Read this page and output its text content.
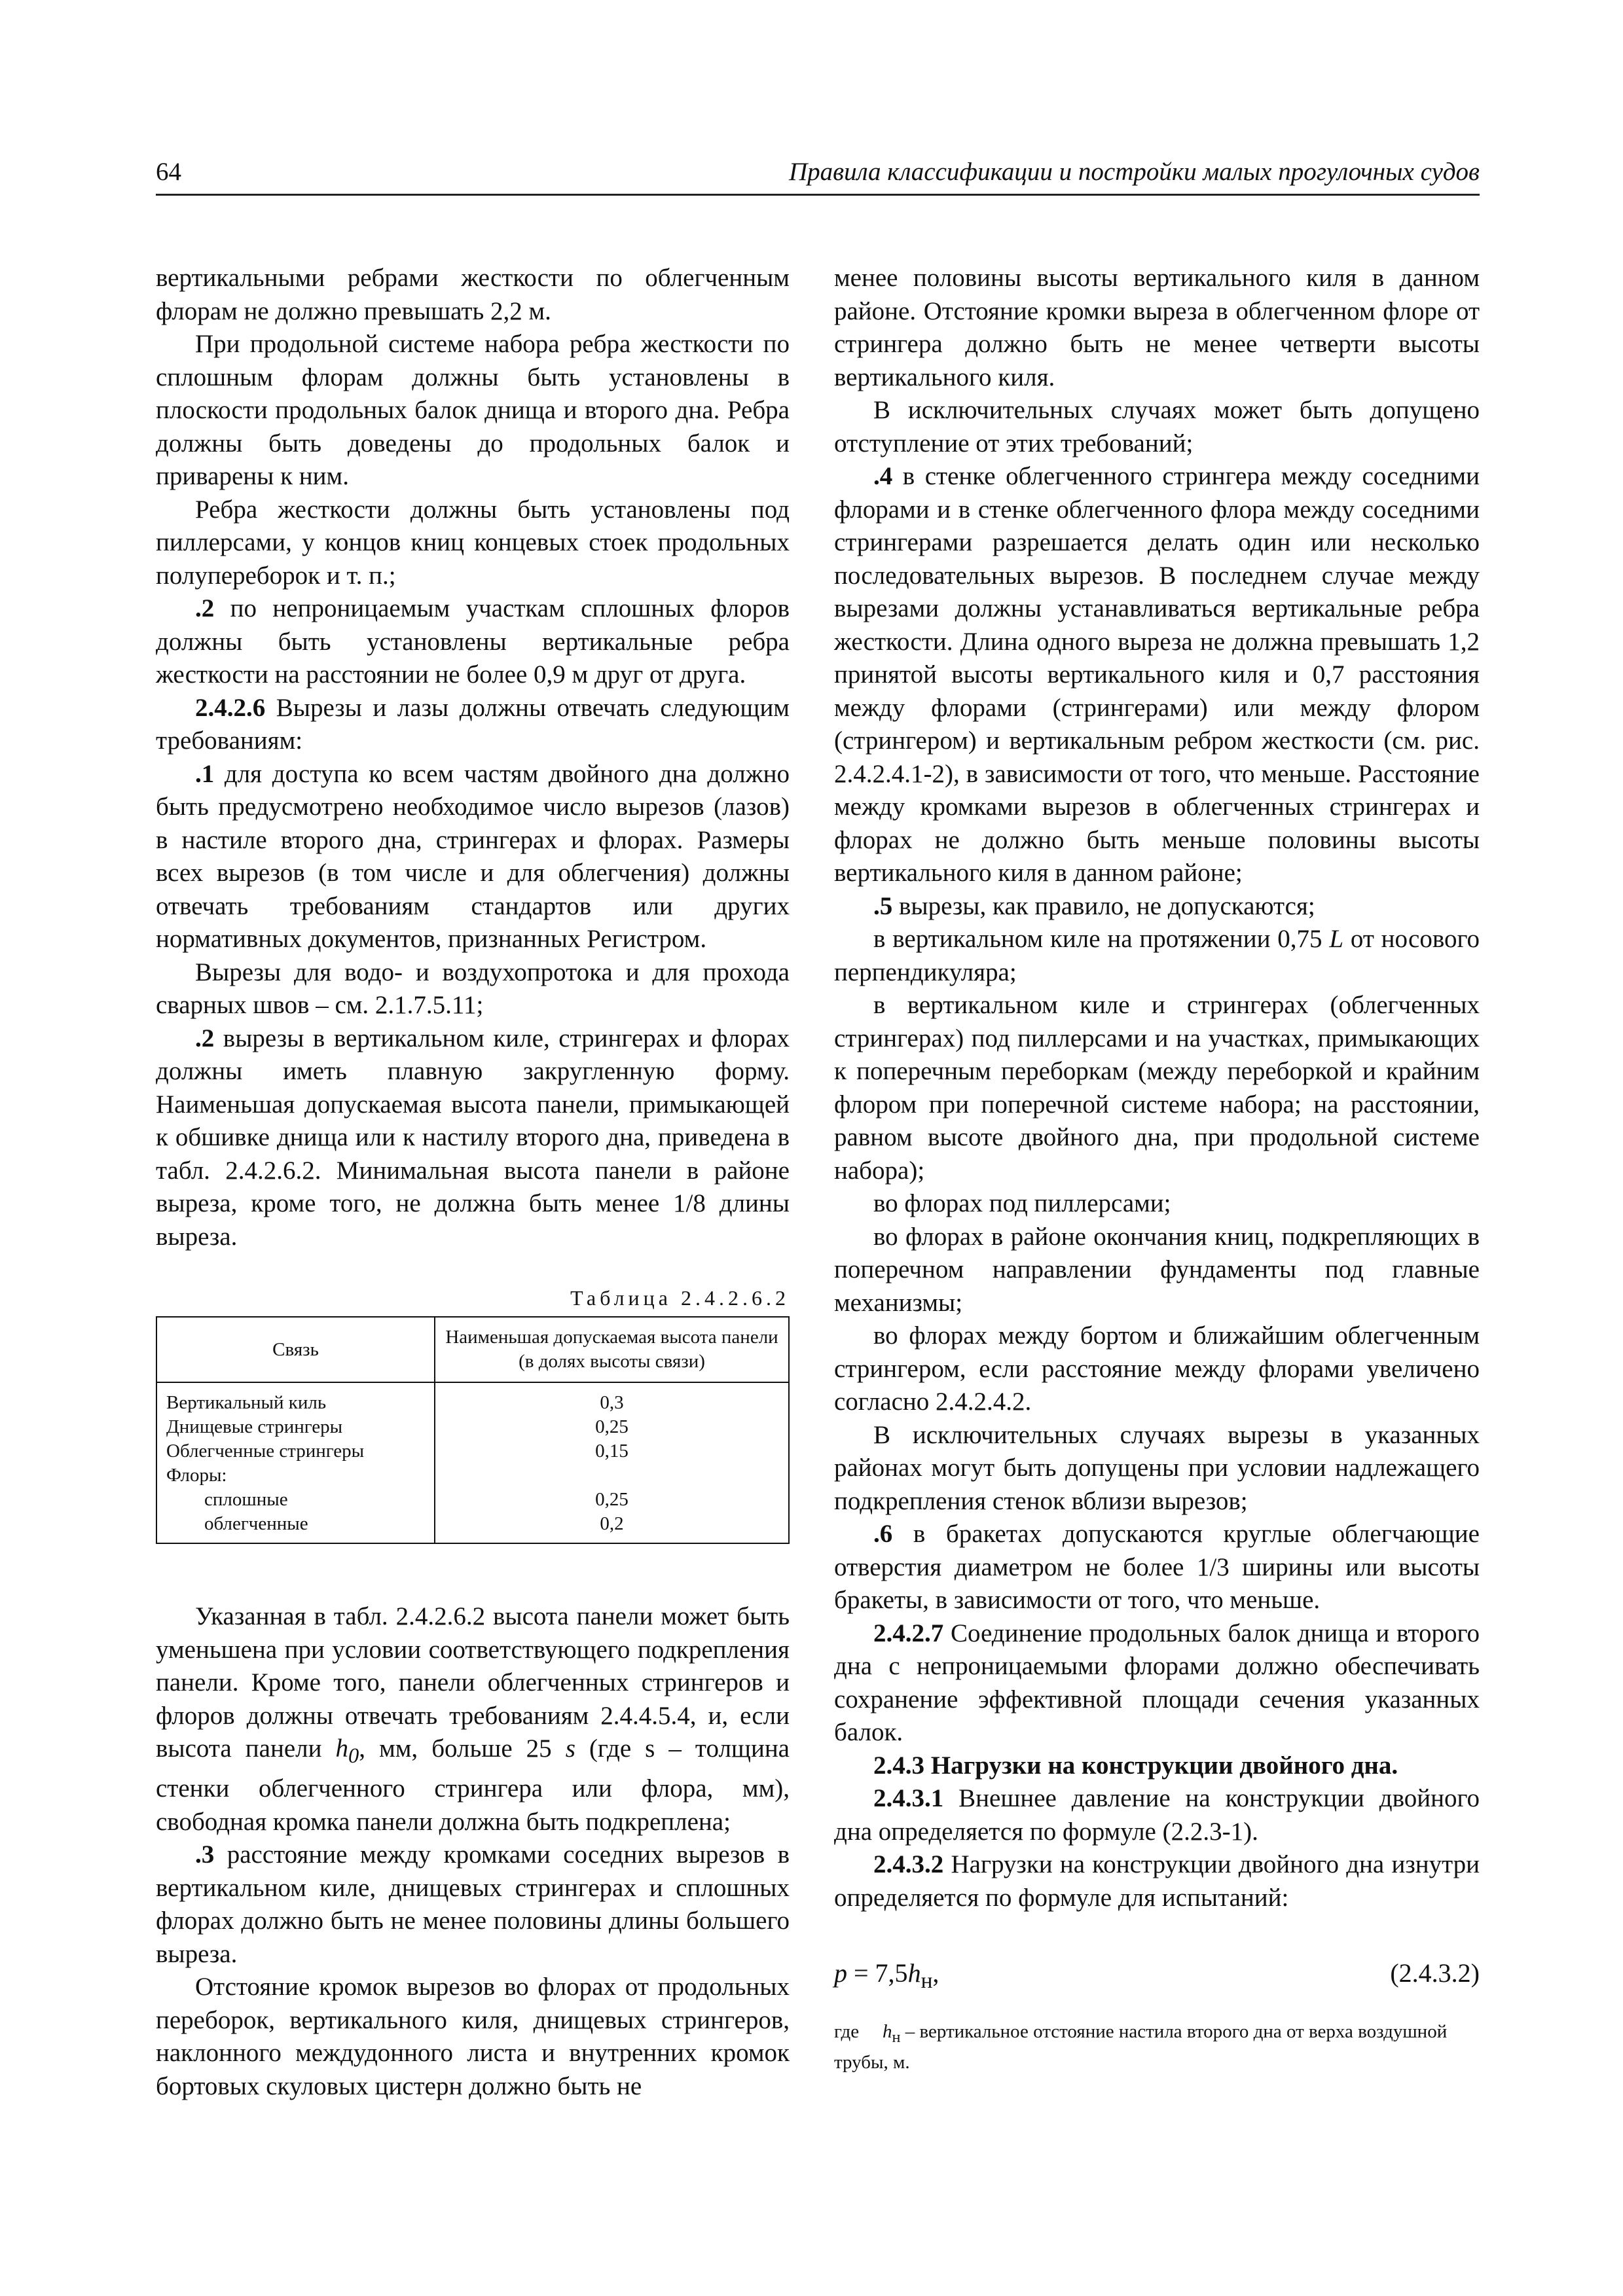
64	Правила классификации и постройки малых прогулочных судов

вертикальными ребрами жесткости по облегченным флорам не должно превышать 2,2 м.

При продольной системе набора ребра жесткости по сплошным флорам должны быть установлены в плоскости продольных балок днища и второго дна. Ребра должны быть доведены до продольных балок и приварены к ним.

Ребра жесткости должны быть установлены под пиллерсами, у концов книц концевых стоек продольных полупереборок и т. п.;

.2 по непроницаемым участкам сплошных флоров должны быть установлены вертикальные ребра жесткости на расстоянии не более 0,9 м друг от друга.

2.4.2.6 Вырезы и лазы должны отвечать следующим требованиям:

.1 для доступа ко всем частям двойного дна должно быть предусмотрено необходимое число вырезов (лазов) в настиле второго дна, стрингерах и флорах. Размеры всех вырезов (в том числе и для облегчения) должны отвечать требованиям стандартов или других нормативных документов, признанных Регистром.

Вырезы для водо- и воздухопротока и для прохода сварных швов – см. 2.1.7.5.11;

.2 вырезы в вертикальном киле, стрингерах и флорах должны иметь плавную закругленную форму. Наименьшая допускаемая высота панели, примыкающей к обшивке днища или к настилу второго дна, приведена в табл. 2.4.2.6.2. Минимальная высота панели в районе выреза, кроме того, не должна быть менее 1/8 длины выреза.

Таблица 2.4.2.6.2
Связь	Наименьшая допускаемая высота панели (в долях высоты связи)
Вертикальный киль	0,3
Днищевые стрингеры	0,25
Облегченные стрингеры	0,15
Флоры:	
сплошные	0,25
облегченные	0,2

Указанная в табл. 2.4.2.6.2 высота панели может быть уменьшена при условии соответствующего подкрепления панели. Кроме того, панели облегченных стрингеров и флоров должны отвечать требованиям 2.4.4.5.4, и, если высота панели $h_0$, мм, больше 25 s (где s – толщина стенки облегченного стрингера или флора, мм), свободная кромка панели должна быть подкреплена;

.3 расстояние между кромками соседних вырезов в вертикальном киле, днищевых стрингерах и сплошных флорах должно быть не менее половины длины большего выреза.

Отстояние кромок вырезов во флорах от продольных переборок, вертикального киля, днищевых стрингеров, наклонного междудонного листа и внутренних кромок бортовых скуловых цистерн должно быть не

менее половины высоты вертикального киля в данном районе. Отстояние кромки выреза в облегченном флоре от стрингера должно быть не менее четверти высоты вертикального киля.

В исключительных случаях может быть допущено отступление от этих требований;

.4 в стенке облегченного стрингера между соседними флорами и в стенке облегченного флора между соседними стрингерами разрешается делать один или несколько последовательных вырезов. В последнем случае между вырезами должны устанавливаться вертикальные ребра жесткости. Длина одного выреза не должна превышать 1,2 принятой высоты вертикального киля и 0,7 расстояния между флорами (стрингерами) или между флором (стрингером) и вертикальным ребром жесткости (см. рис. 2.4.2.4.1-2), в зависимости от того, что меньше. Расстояние между кромками вырезов в облегченных стрингерах и флорах не должно быть меньше половины высоты вертикального киля в данном районе;

.5 вырезы, как правило, не допускаются;

в вертикальном киле на протяжении 0,75 L от носового перпендикуляра;

в вертикальном киле и стрингерах (облегченных стрингерах) под пиллерсами и на участках, примыкающих к поперечным переборкам (между переборкой и крайним флором при поперечной системе набора; на расстоянии, равном высоте двойного дна, при продольной системе набора);

во флорах под пиллерсами;

во флорах в районе окончания книц, подкрепляющих в поперечном направлении фундаменты под главные механизмы;

во флорах между бортом и ближайшим облегченным стрингером, если расстояние между флорами увеличено согласно 2.4.2.4.2.

В исключительных случаях вырезы в указанных районах могут быть допущены при условии надлежащего подкрепления стенок вблизи вырезов;

.6 в бракетах допускаются круглые облегчающие отверстия диаметром не более 1/3 ширины или высоты бракеты, в зависимости от того, что меньше.

2.4.2.7 Соединение продольных балок днища и второго дна с непроницаемыми флорами должно обеспечивать сохранение эффективной площади сечения указанных балок.

2.4.3 Нагрузки на конструкции двойного дна.

2.4.3.1 Внешнее давление на конструкции двойного дна определяется по формуле (2.2.3-1).

2.4.3.2 Нагрузки на конструкции двойного дна изнутри определяется по формуле для испытаний:

$p = 7,5h_н$,	(2.4.3.2)
где $h_н$ – вертикальное отстояние настила второго дна от верха воздушной трубы, м.
